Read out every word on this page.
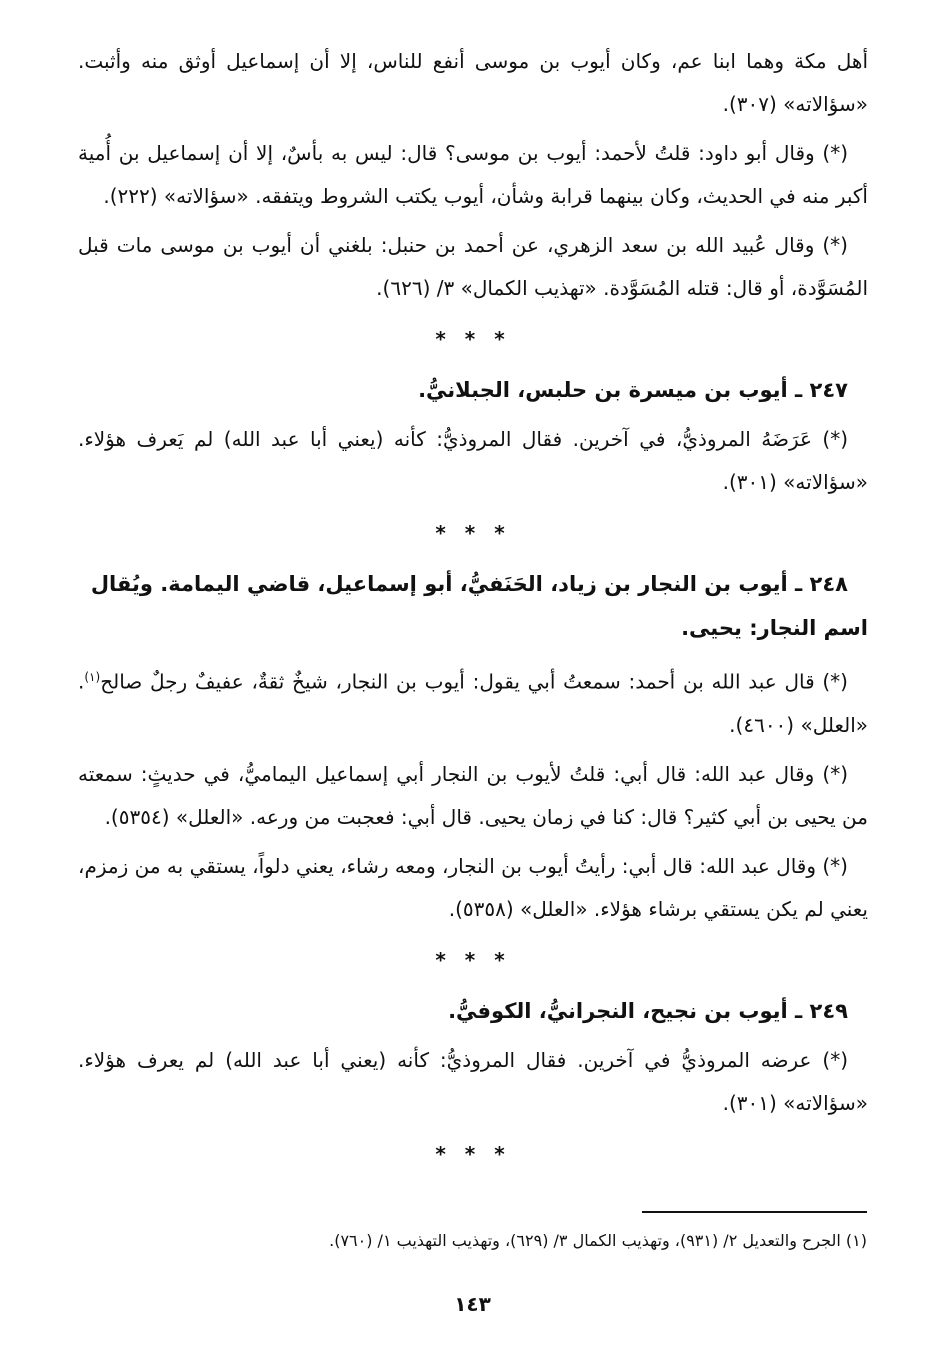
أهل مكة وهما ابنا عم، وكان أيوب بن موسى أنفع للناس، إلا أن إسماعيل أوثق منه وأثبت. «سؤالاته» (٣٠٧).

(*) وقال أبو داود: قلتُ لأحمد: أيوب بن موسى؟ قال: ليس به بأسٌ، إلا أن إسماعيل بن أُمية أكبر منه في الحديث، وكان بينهما قرابة وشأن، أيوب يكتب الشروط ويتفقه. «سؤالاته» (٢٢٢).

(*) وقال عُبيد الله بن سعد الزهري، عن أحمد بن حنبل: بلغني أن أيوب بن موسى مات قبل المُسَوَّدة، أو قال: قتله المُسَوَّدة. «تهذيب الكمال» ٣/ (٦٢٦).

* * *
٢٤٧ ـ أيوب بن ميسرة بن حلبس، الجبلانيُّ.

(*) عَرَضَهُ المروذيُّ، في آخرين. فقال المروذيُّ: كأنه (يعني أبا عبد الله) لم يَعرف هؤلاء. «سؤالاته» (٣٠١).

* * *
٢٤٨ ـ أيوب بن النجار بن زياد، الحَنَفيُّ، أبو إسماعيل، قاضي اليمامة. ويُقال اسم النجار: يحيى.

(*) قال عبد الله بن أحمد: سمعتُ أبي يقول: أيوب بن النجار، شيخٌ ثقةٌ، عفيفٌ رجلٌ صالح$^{(١)}$. «العلل» (٤٦٠٠).

(*) وقال عبد الله: قال أبي: قلتُ لأيوب بن النجار أبي إسماعيل اليماميُّ، في حديثٍ: سمعته من يحيى بن أبي كثير؟ قال: كنا في زمان يحيى. قال أبي: فعجبت من ورعه. «العلل» (٥٣٥٤).

(*) وقال عبد الله: قال أبي: رأيتُ أيوب بن النجار، ومعه رشاء، يعني دلواً، يستقي به من زمزم، يعني لم يكن يستقي برشاء هؤلاء. «العلل» (٥٣٥٨).

* * *
٢٤٩ ـ أيوب بن نجيح، النجرانيُّ، الكوفيُّ.

(*) عرضه المروذيُّ في آخرين. فقال المروذيُّ: كأنه (يعني أبا عبد الله) لم يعرف هؤلاء. «سؤالاته» (٣٠١).

* * *
(١) الجرح والتعديل ٢/ (٩٣١)، وتهذيب الكمال ٣/ (٦٢٩)، وتهذيب التهذيب ١/ (٧٦٠).
١٤٣
